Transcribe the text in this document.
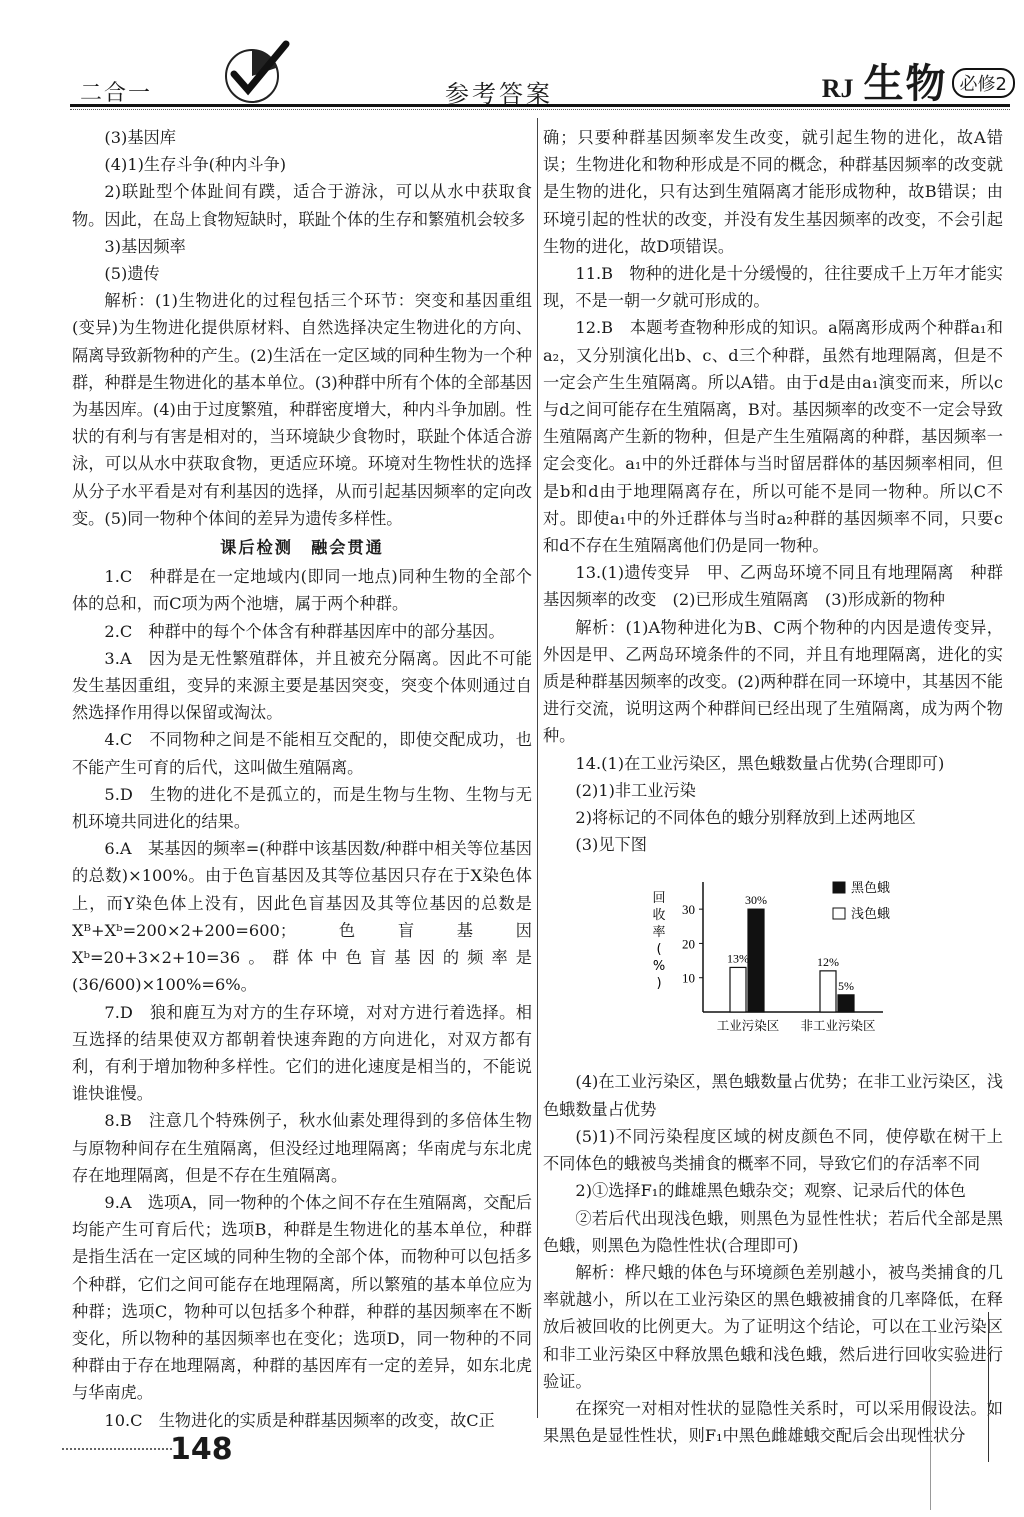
二合一	参考答案	RJ 生物 必修2

(3)基因库

(4)1)生存斗争(种内斗争)

2)联趾型个体趾间有蹼，适合于游泳，可以从水中获取食物。因此，在岛上食物短缺时，联趾个体的生存和繁殖机会较多

3)基因频率

(5)遗传

解析：(1)生物进化的过程包括三个环节：突变和基因重组(变异)为生物进化提供原材料、自然选择决定生物进化的方向、隔离导致新物种的产生。(2)生活在一定区域的同种生物为一个种群，种群是生物进化的基本单位。(3)种群中所有个体的全部基因为基因库。(4)由于过度繁殖，种群密度增大，种内斗争加剧。性状的有利与有害是相对的，当环境缺少食物时，联趾个体适合游泳，可以从水中获取食物，更适应环境。环境对生物性状的选择从分子水平看是对有利基因的选择，从而引起基因频率的定向改变。(5)同一物种个体间的差异为遗传多样性。

课后检测　融会贯通

1.C　种群是在一定地域内(即同一地点)同种生物的全部个体的总和，而C项为两个池塘，属于两个种群。

2.C　种群中的每个个体含有种群基因库中的部分基因。

3.A　因为是无性繁殖群体，并且被充分隔离。因此不可能发生基因重组，变异的来源主要是基因突变，突变个体则通过自然选择作用得以保留或淘汰。

4.C　不同物种之间是不能相互交配的，即使交配成功，也不能产生可育的后代，这叫做生殖隔离。

5.D　生物的进化不是孤立的，而是生物与生物、生物与无机环境共同进化的结果。

6.A　某基因的频率=(种群中该基因数/种群中相关等位基因的总数)×100%。由于色盲基因及其等位基因只存在于X染色体上，而Y染色体上没有，因此色盲基因及其等位基因的总数是Xᴮ+Xᵇ=200×2+200=600；色盲基因Xᵇ=20+3×2+10=36。群体中色盲基因的频率是(36/600)×100%=6%。

7.D　狼和鹿互为对方的生存环境，对对方进行着选择。相互选择的结果使双方都朝着快速奔跑的方向进化，对双方都有利，有利于增加物种多样性。它们的进化速度是相当的，不能说谁快谁慢。

8.B　注意几个特殊例子，秋水仙素处理得到的多倍体生物与原物种间存在生殖隔离，但没经过地理隔离；华南虎与东北虎存在地理隔离，但是不存在生殖隔离。

9.A　选项A，同一物种的个体之间不存在生殖隔离，交配后均能产生可育后代；选项B，种群是生物进化的基本单位，种群是指生活在一定区域的同种生物的全部个体，而物种可以包括多个种群，它们之间可能存在地理隔离，所以繁殖的基本单位应为种群；选项C，物种可以包括多个种群，种群的基因频率在不断变化，所以物种的基因频率也在变化；选项D，同一物种的不同种群由于存在地理隔离，种群的基因库有一定的差异，如东北虎与华南虎。

10.C　生物进化的实质是种群基因频率的改变，故C正

确；只要种群基因频率发生改变，就引起生物的进化，故A错误；生物进化和物种形成是不同的概念，种群基因频率的改变就是生物的进化，只有达到生殖隔离才能形成物种，故B错误；由环境引起的性状的改变，并没有发生基因频率的改变，不会引起生物的进化，故D项错误。

11.B　物种的进化是十分缓慢的，往往要成千上万年才能实现，不是一朝一夕就可形成的。

12.B　本题考查物种形成的知识。a隔离形成两个种群a₁和a₂，又分别演化出b、c、d三个种群，虽然有地理隔离，但是不一定会产生生殖隔离。所以A错。由于d是由a₁演变而来，所以c与d之间可能存在生殖隔离，B对。基因频率的改变不一定会导致生殖隔离产生新的物种，但是产生生殖隔离的种群，基因频率一定会变化。a₁中的外迁群体与当时留居群体的基因频率相同，但是b和d由于地理隔离存在，所以可能不是同一物种。所以C不对。即使a₁中的外迁群体与当时a₂种群的基因频率不同，只要c和d不存在生殖隔离他们仍是同一物种。

13.(1)遗传变异　甲、乙两岛环境不同且有地理隔离　种群基因频率的改变　(2)已形成生殖隔离　(3)形成新的物种

解析：(1)A物种进化为B、C两个物种的内因是遗传变异，外因是甲、乙两岛环境条件的不同，并且有地理隔离，进化的实质是种群基因频率的改变。(2)两种群在同一环境中，其基因不能进行交流，说明这两个种群间已经出现了生殖隔离，成为两个物种。

14.(1)在工业污染区，黑色蛾数量占优势(合理即可)

(2)1)非工业污染

2)将标记的不同体色的蛾分别释放到上述两地区

(3)见下图

回
收
率
(
%
) 10
20
30
工业污染区 非工业污染区
30%
5%
13%	12%
黑色蛾
浅色蛾

(4)在工业污染区，黑色蛾数量占优势；在非工业污染区，浅色蛾数量占优势

(5)1)不同污染程度区域的树皮颜色不同，使停歇在树干上不同体色的蛾被鸟类捕食的概率不同，导致它们的存活率不同

2)①选择F₁的雌雄黑色蛾杂交；观察、记录后代的体色

②若后代出现浅色蛾，则黑色为显性性状；若后代全部是黑色蛾，则黑色为隐性性状(合理即可)

解析：桦尺蛾的体色与环境颜色差别越小，被鸟类捕食的几率就越小，所以在工业污染区的黑色蛾被捕食的几率降低，在释放后被回收的比例更大。为了证明这个结论，可以在工业污染区和非工业污染区中释放黑色蛾和浅色蛾，然后进行回收实验进行验证。

在探究一对相对性状的显隐性关系时，可以采用假设法。如果黑色是显性性状，则F₁中黑色雌雄蛾交配后会出现性状分

148
